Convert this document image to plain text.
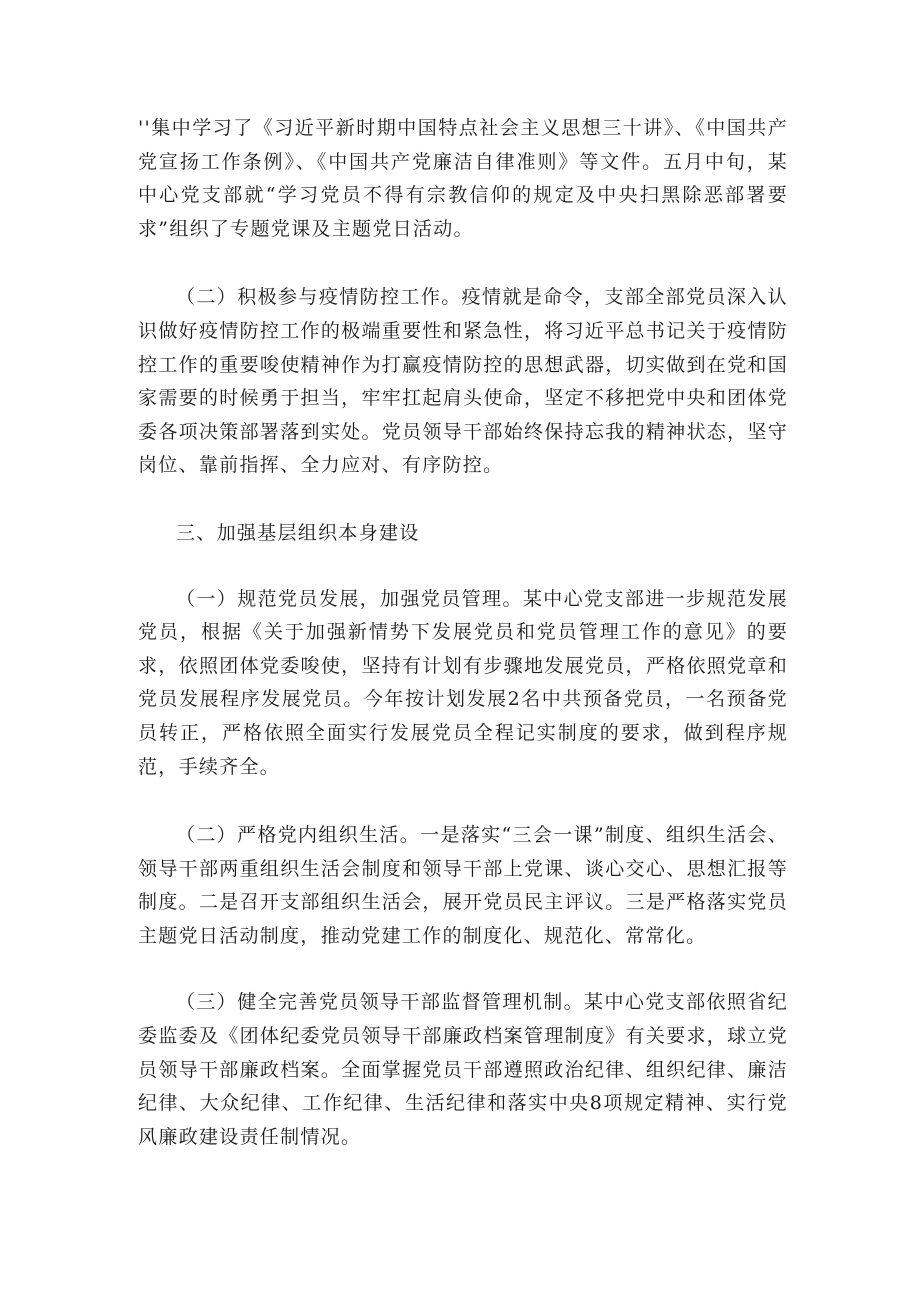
''集中学习了《习近平新时期中国特点社会主义思想三十讲》、《中国共产党宣扬工作条例》、《中国共产党廉洁自律准则》等文件。五月中旬，某中心党支部就“学习党员不得有宗教信仰的规定及中央扫黑除恶部署要求”组织了专题党课及主题党日活动。

（二）积极参与疫情防控工作。疫情就是命令，支部全部党员深入认识做好疫情防控工作的极端重要性和紧急性，将习近平总书记关于疫情防控工作的重要唆使精神作为打赢疫情防控的思想武器，切实做到在党和国家需要的时候勇于担当，牢牢扛起肩头使命，坚定不移把党中央和团体党委各项决策部署落到实处。党员领导干部始终保持忘我的精神状态，坚守岗位、靠前指挥、全力应对、有序防控。

三、加强基层组织本身建设

（一）规范党员发展，加强党员管理。某中心党支部进一步规范发展党员，根据《关于加强新情势下发展党员和党员管理工作的意见》的要求，依照团体党委唆使，坚持有计划有步骤地发展党员，严格依照党章和党员发展程序发展党员。今年按计划发展2名中共预备党员，一名预备党员转正，严格依照全面实行发展党员全程记实制度的要求，做到程序规范，手续齐全。

（二）严格党内组织生活。一是落实“三会一课”制度、组织生活会、领导干部两重组织生活会制度和领导干部上党课、谈心交心、思想汇报等制度。二是召开支部组织生活会，展开党员民主评议。三是严格落实党员主题党日活动制度，推动党建工作的制度化、规范化、常常化。

（三）健全完善党员领导干部监督管理机制。某中心党支部依照省纪委监委及《团体纪委党员领导干部廉政档案管理制度》有关要求，球立党员领导干部廉政档案。全面掌握党员干部遵照政治纪律、组织纪律、廉洁纪律、大众纪律、工作纪律、生活纪律和落实中央8项规定精神、实行党风廉政建设责任制情况。
